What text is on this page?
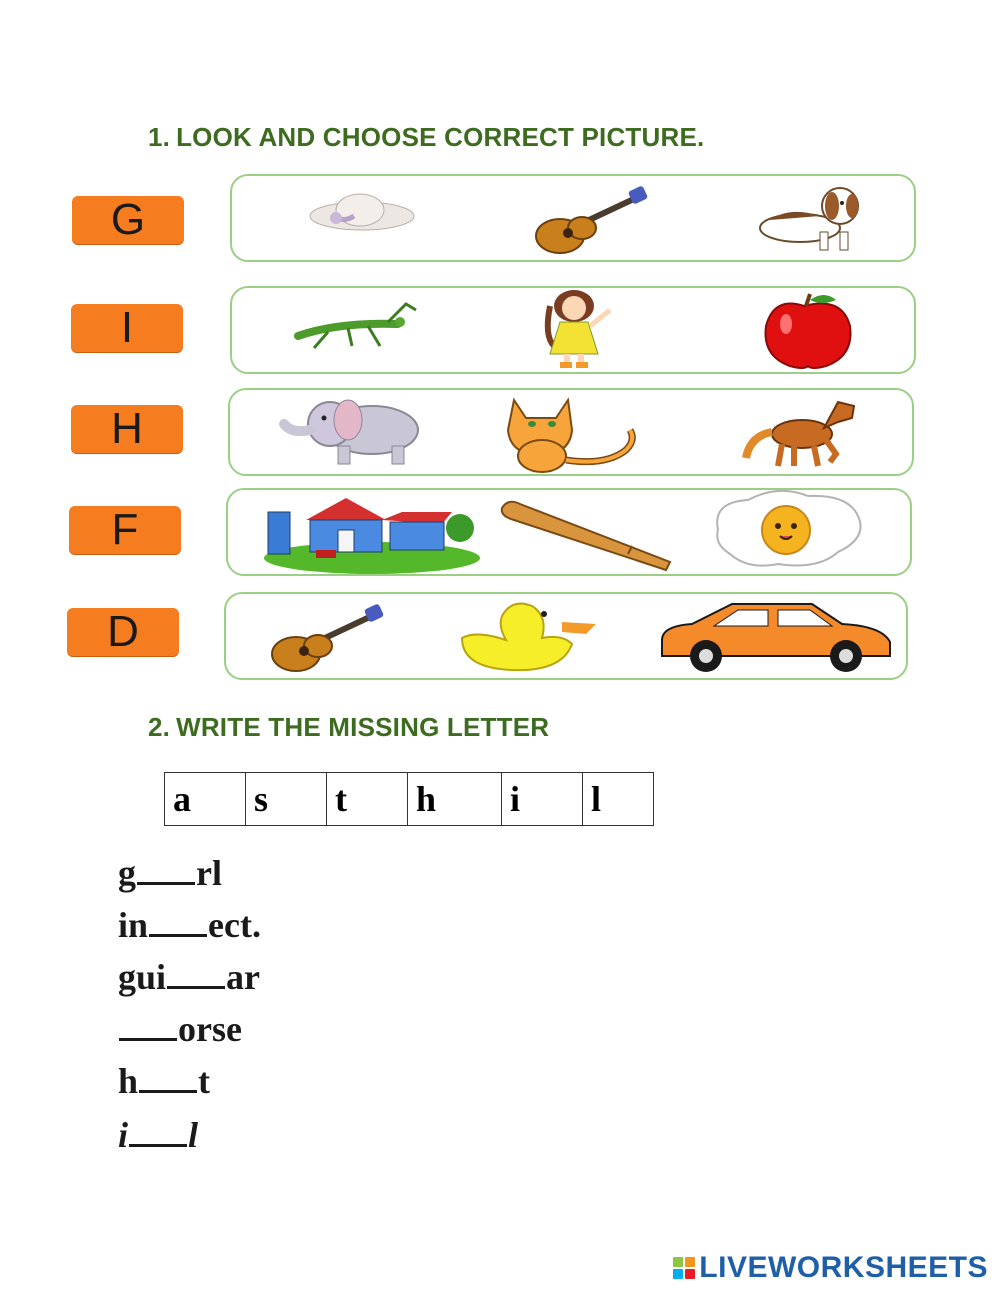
1. LOOK AND CHOOSE CORRECT PICTURE.
G
I
H
F
D
2. WRITE THE MISSING LETTER
a	s	t	h	i	l
g rl
in ect.
gui ar
orse
h t
i l
LIVEWORKSHEETS
